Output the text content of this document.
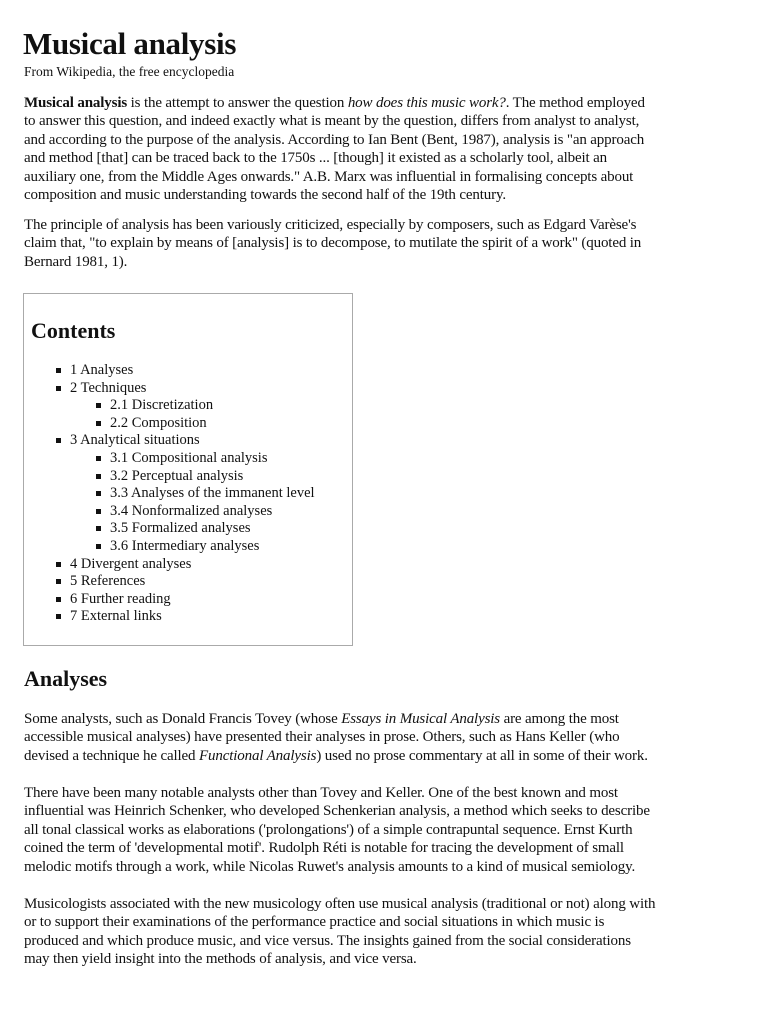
Musical analysis
From Wikipedia, the free encyclopedia
Musical analysis is the attempt to answer the question how does this music work?. The method employed
to answer this question, and indeed exactly what is meant by the question, differs from analyst to analyst,
and according to the purpose of the analysis. According to Ian Bent (Bent, 1987), analysis is "an approach
and method [that] can be traced back to the 1750s ... [though] it existed as a scholarly tool, albeit an
auxiliary one, from the Middle Ages onwards." A.B. Marx was influential in formalising concepts about
composition and music understanding towards the second half of the 19th century.
The principle of analysis has been variously criticized, especially by composers, such as Edgard Varèse's
claim that, "to explain by means of [analysis] is to decompose, to mutilate the spirit of a work" (quoted in
Bernard 1981, 1).
Contents
1 Analyses
2 Techniques
2.1 Discretization
2.2 Composition
3 Analytical situations
3.1 Compositional analysis
3.2 Perceptual analysis
3.3 Analyses of the immanent level
3.4 Nonformalized analyses
3.5 Formalized analyses
3.6 Intermediary analyses
4 Divergent analyses
5 References
6 Further reading
7 External links
Analyses
Some analysts, such as Donald Francis Tovey (whose Essays in Musical Analysis are among the most
accessible musical analyses) have presented their analyses in prose. Others, such as Hans Keller (who
devised a technique he called Functional Analysis) used no prose commentary at all in some of their work.
There have been many notable analysts other than Tovey and Keller. One of the best known and most
influential was Heinrich Schenker, who developed Schenkerian analysis, a method which seeks to describe
all tonal classical works as elaborations ('prolongations') of a simple contrapuntal sequence. Ernst Kurth
coined the term of 'developmental motif'. Rudolph Réti is notable for tracing the development of small
melodic motifs through a work, while Nicolas Ruwet's analysis amounts to a kind of musical semiology.
Musicologists associated with the new musicology often use musical analysis (traditional or not) along with
or to support their examinations of the performance practice and social situations in which music is
produced and which produce music, and vice versus. The insights gained from the social considerations
may then yield insight into the methods of analysis, and vice versa.
